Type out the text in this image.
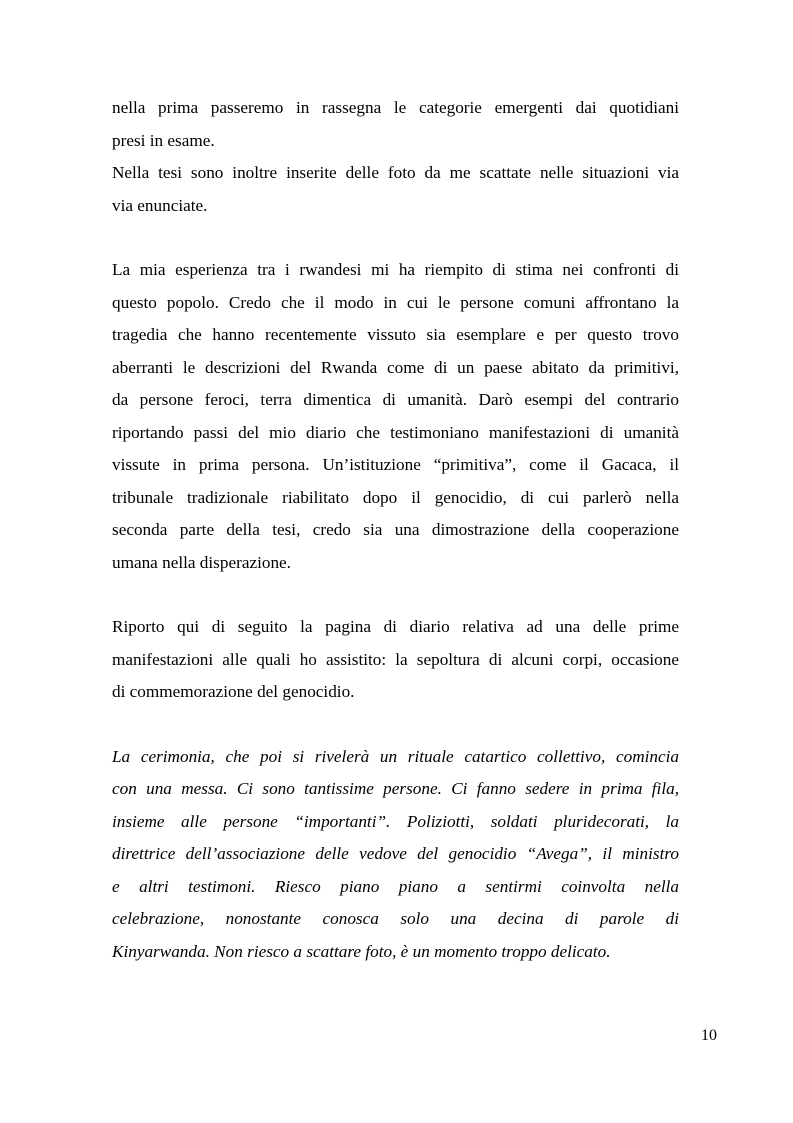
nella prima passeremo in rassegna le categorie emergenti dai quotidiani
presi in esame.

Nella tesi sono inoltre inserite delle foto da me scattate nelle situazioni via
via enunciate.

La mia esperienza tra i rwandesi mi ha riempito di stima nei confronti di
questo popolo. Credo che il modo in cui le persone comuni affrontano la
tragedia che hanno recentemente vissuto sia esemplare e per questo trovo
aberranti le descrizioni del Rwanda come di un paese abitato da primitivi,
da persone feroci, terra dimentica di umanità. Darò esempi del contrario
riportando passi del mio diario che testimoniano manifestazioni di umanità
vissute in prima persona. Un’istituzione “primitiva”, come il Gacaca, il
tribunale tradizionale riabilitato dopo il genocidio, di cui parlerò nella
seconda parte della tesi, credo sia una dimostrazione della cooperazione
umana nella disperazione.

Riporto qui di seguito la pagina di diario relativa ad una delle prime
manifestazioni alle quali ho assistito: la sepoltura di alcuni corpi, occasione
di commemorazione del genocidio.

La cerimonia, che poi si rivelerà un rituale catartico collettivo, comincia
con una messa. Ci sono tantissime persone. Ci fanno sedere in prima fila,
insieme alle persone “importanti”. Poliziotti, soldati pluridecorati, la
direttrice dell’associazione delle vedove del genocidio “Avega”, il ministro
e altri testimoni. Riesco piano piano a sentirmi coinvolta nella
celebrazione, nonostante conosca solo una decina di parole di
Kinyarwanda. Non riesco a scattare foto, è un momento troppo delicato.

10
